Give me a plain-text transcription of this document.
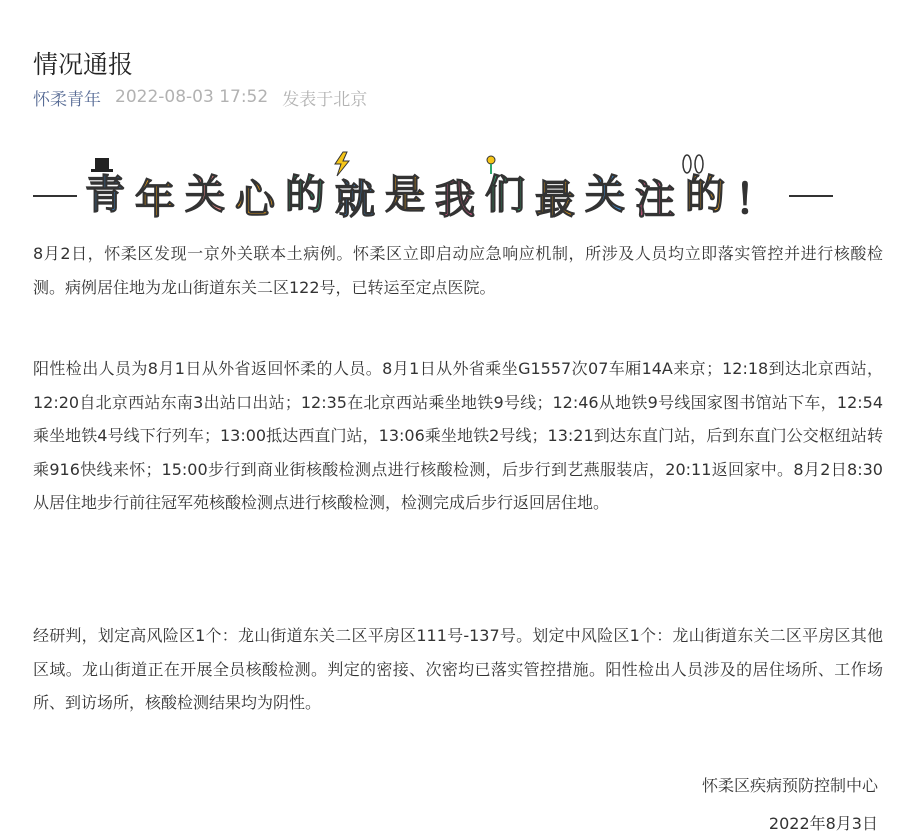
情况通报
怀柔青年 2022-08-03 17:52 发表于北京
青 年 关 心 的 就 是 我 们 最 关 注 的 ！

8月2日，怀柔区发现一京外关联本土病例。怀柔区立即启动应急响应机制，所涉及人员均立即落实管控并进行核酸检测。病例居住地为龙山街道东关二区122号，已转运至定点医院。

阳性检出人员为8月1日从外省返回怀柔的人员。8月1日从外省乘坐G1557次07车厢14A来京；12:18到达北京西站，12:20自北京西站东南3出站口出站；12:35在北京西站乘坐地铁9号线；12:46从地铁9号线国家图书馆站下车，12:54乘坐地铁4号线下行列车；13:00抵达西直门站，13:06乘坐地铁2号线；13:21到达东直门站，后到东直门公交枢纽站转乘916快线来怀；15:00步行到商业街核酸检测点进行核酸检测，后步行到艺燕服装店，20:11返回家中。8月2日8:30从居住地步行前往冠军苑核酸检测点进行核酸检测，检测完成后步行返回居住地。

经研判，划定高风险区1个：龙山街道东关二区平房区111号-137号。划定中风险区1个：龙山街道东关二区平房区其他区域。龙山街道正在开展全员核酸检测。判定的密接、次密均已落实管控措施。阳性检出人员涉及的居住场所、工作场所、到访场所，核酸检测结果均为阴性。

怀柔区疾病预防控制中心
2022年8月3日
